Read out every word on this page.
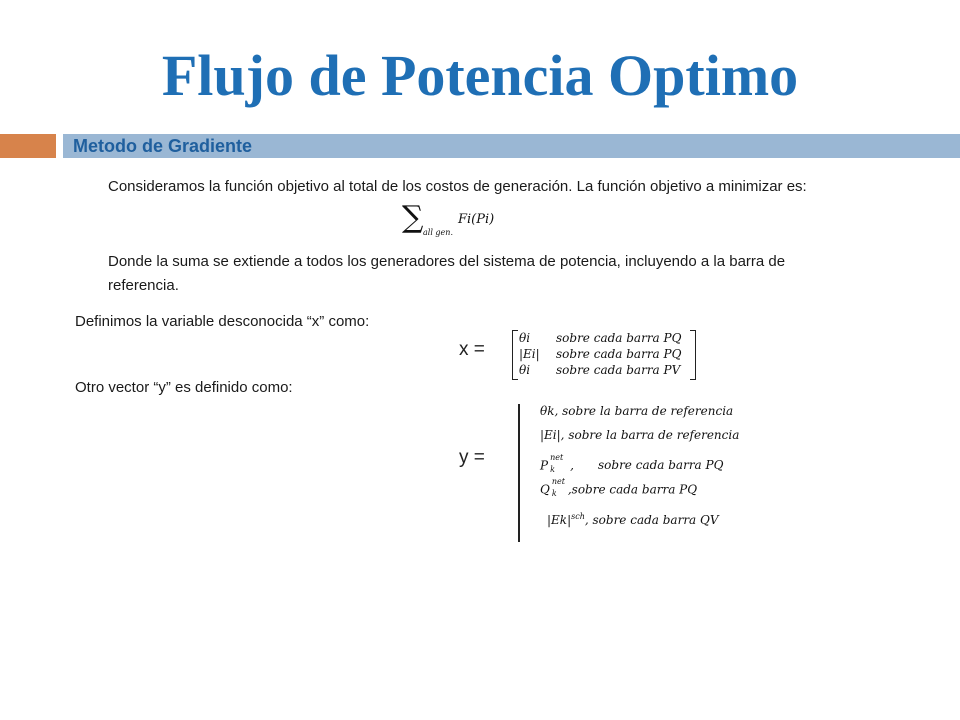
Flujo de Potencia Optimo
Metodo de Gradiente
Consideramos la función objetivo al total de los costos de generación. La función objetivo a minimizar es:
∑ all gen.
Fi(Pi)
Donde la suma se extiende a todos los generadores del sistema de potencia, incluyendo a la barra de
referencia.
Definimos la variable desconocida “x” como:
Otro vector “y” es definido como:
x =
θi sobre cada barra PQ
|Ei| sobre cada barra PQ
θi sobre cada barra PV
y =
θk, sobre la barra de referencia
|Ei|, sobre la barra de referencia
P
net
k , sobre cada barra PQ
Q
net
k ,sobre cada barra PQ
$|Ek|^{sch}$, sobre cada barra QV
